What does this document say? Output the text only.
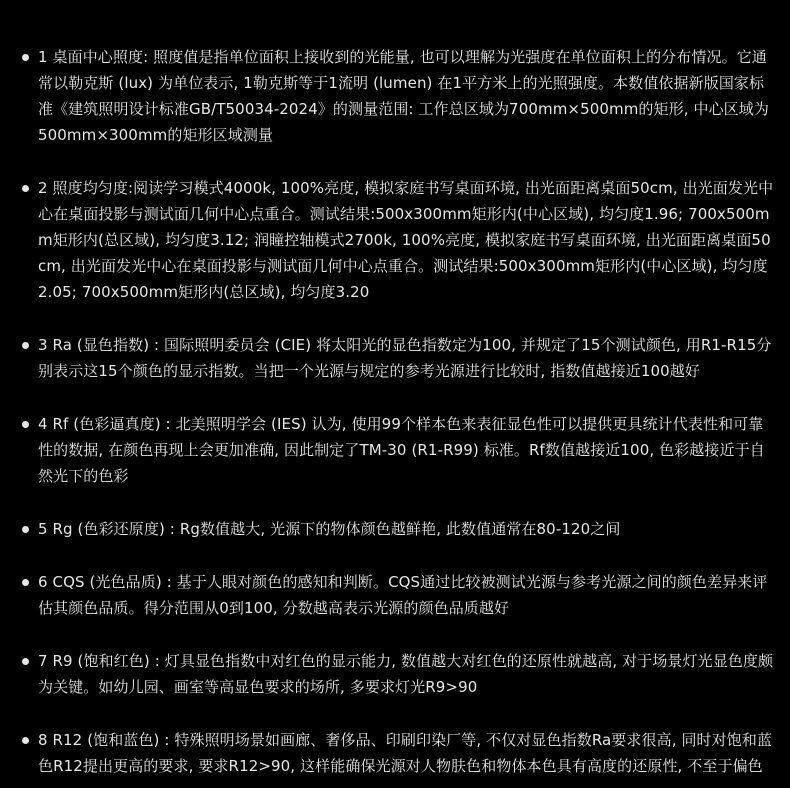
1 桌面中心照度: 照度值是指单位面积上接收到的光能量, 也可以理解为光强度在单位面积上的分布情况。它通常以勒克斯 (lux) 为单位表示, 1勒克斯等于1流明 (lumen) 在1平方米上的光照强度。本数值依据新版国家标准《建筑照明设计标准GB/T50034-2024》的测量范围: 工作总区域为700mm×500mm的矩形, 中心区域为500mm×300mm的矩形区域测量
2 照度均匀度:阅读学习模式4000k, 100%亮度, 模拟家庭书写桌面环境, 出光面距离桌面50cm, 出光面发光中心在桌面投影与测试面几何中心点重合。测试结果:500x300mm矩形内(中心区域), 均匀度1.96; 700x500mm矩形内(总区域), 均匀度3.12; 润瞳控轴模式2700k, 100%亮度, 模拟家庭书写桌面环境, 出光面距离桌面50cm, 出光面发光中心在桌面投影与测试面几何中心点重合。测试结果:500x300mm矩形内(中心区域), 均匀度2.05; 700x500mm矩形内(总区域), 均匀度3.20
3 Ra (显色指数) : 国际照明委员会 (CIE) 将太阳光的显色指数定为100, 并规定了15个测试颜色, 用R1-R15分别表示这15个颜色的显示指数。当把一个光源与规定的参考光源进行比较时, 指数值越接近100越好
4 Rf (色彩逼真度) : 北美照明学会 (IES) 认为, 使用99个样本色来表征显色性可以提供更具统计代表性和可靠性的数据, 在颜色再现上会更加准确, 因此制定了TM-30 (R1-R99) 标准。Rf数值越接近100, 色彩越接近于自然光下的色彩
5 Rg (色彩还原度) : Rg数值越大, 光源下的物体颜色越鲜艳, 此数值通常在80-120之间
6 CQS (光色品质) : 基于人眼对颜色的感知和判断。CQS通过比较被测试光源与参考光源之间的颜色差异来评估其颜色品质。得分范围从0到100, 分数越高表示光源的颜色品质越好
7 R9 (饱和红色) : 灯具显色指数中对红色的显示能力, 数值越大对红色的还原性就越高, 对于场景灯光显色度颇为关键。如幼儿园、画室等高显色要求的场所, 多要求灯光R9>90
8 R12 (饱和蓝色) : 特殊照明场景如画廊、奢侈品、印刷印染厂等, 不仅对显色指数Ra要求很高, 同时对饱和蓝色R12提出更高的要求, 要求R12>90, 这样能确保光源对人物肤色和物体本色具有高度的还原性, 不至于偏色
